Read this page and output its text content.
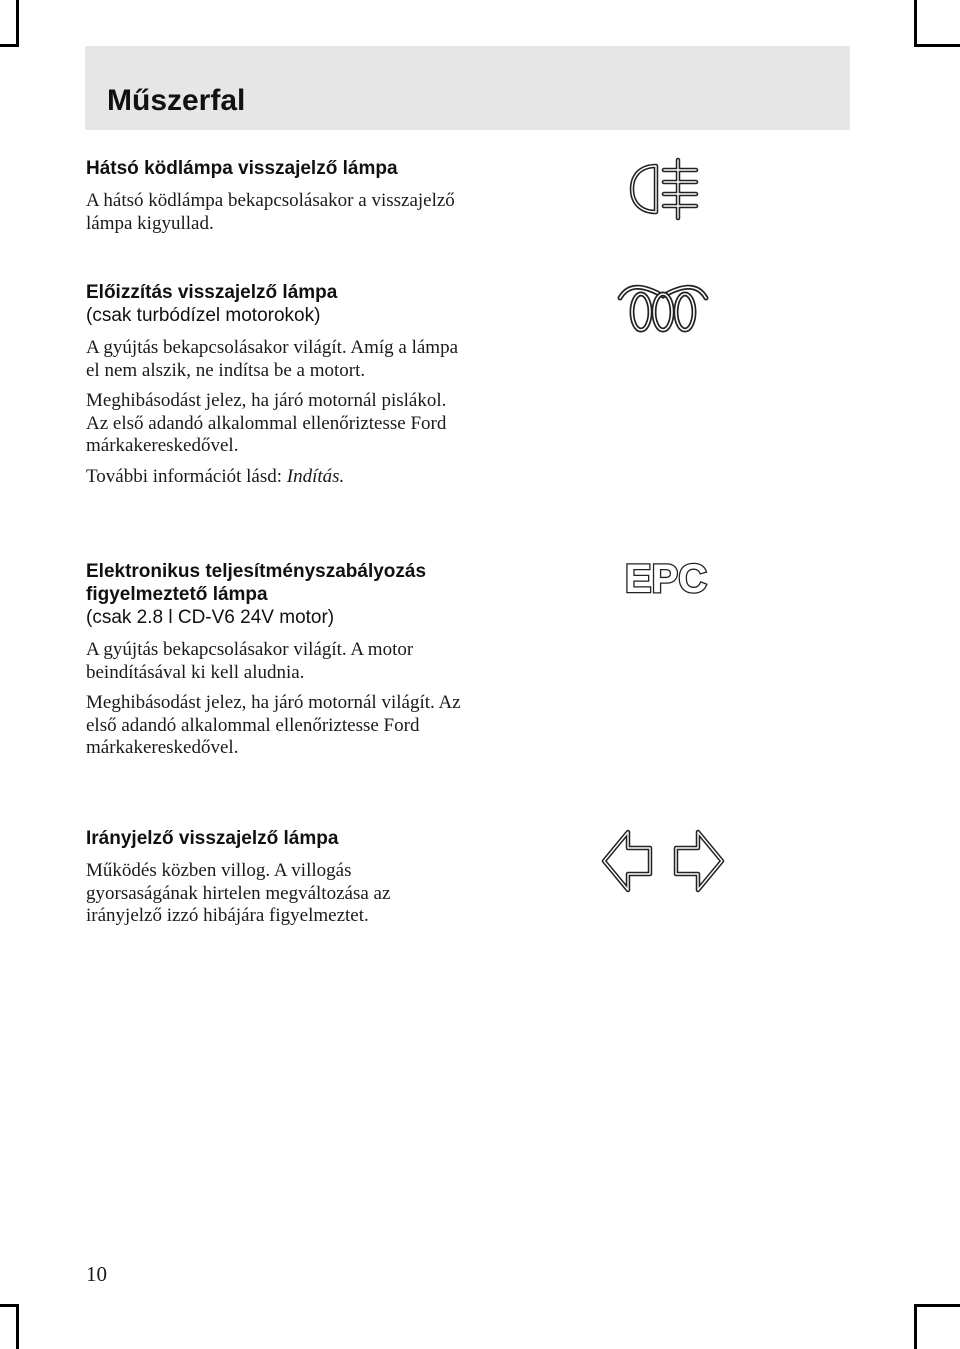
Műszerfal

Hátsó ködlámpa visszajelző lámpa

A hátsó ködlámpa bekapcsolásakor a visszajelző lámpa kigyullad.

Előizzítás visszajelző lámpa

(csak turbódízel motorokok)

A gyújtás bekapcsolásakor világít. Amíg a lámpa el nem alszik, ne indítsa be a motort.

Meghibásodást jelez, ha járó motornál pislákol. Az első adandó alkalommal ellenőriztesse Ford márkakereskedővel.

További információt lásd: Indítás.

Elektronikus teljesítményszabályozás figyelmeztető lámpa

(csak 2.8 l CD-V6 24V motor)

A gyújtás bekapcsolásakor világít. A motor beindításával ki kell aludnia.

Meghibásodást jelez, ha járó motornál világít. Az első adandó alkalommal ellenőriztesse Ford márkakereskedővel.

EPC

Irányjelző visszajelző lámpa

Működés közben villog. A villogás gyorsaságának hirtelen megváltozása az irányjelző izzó hibájára figyelmeztet.

10
